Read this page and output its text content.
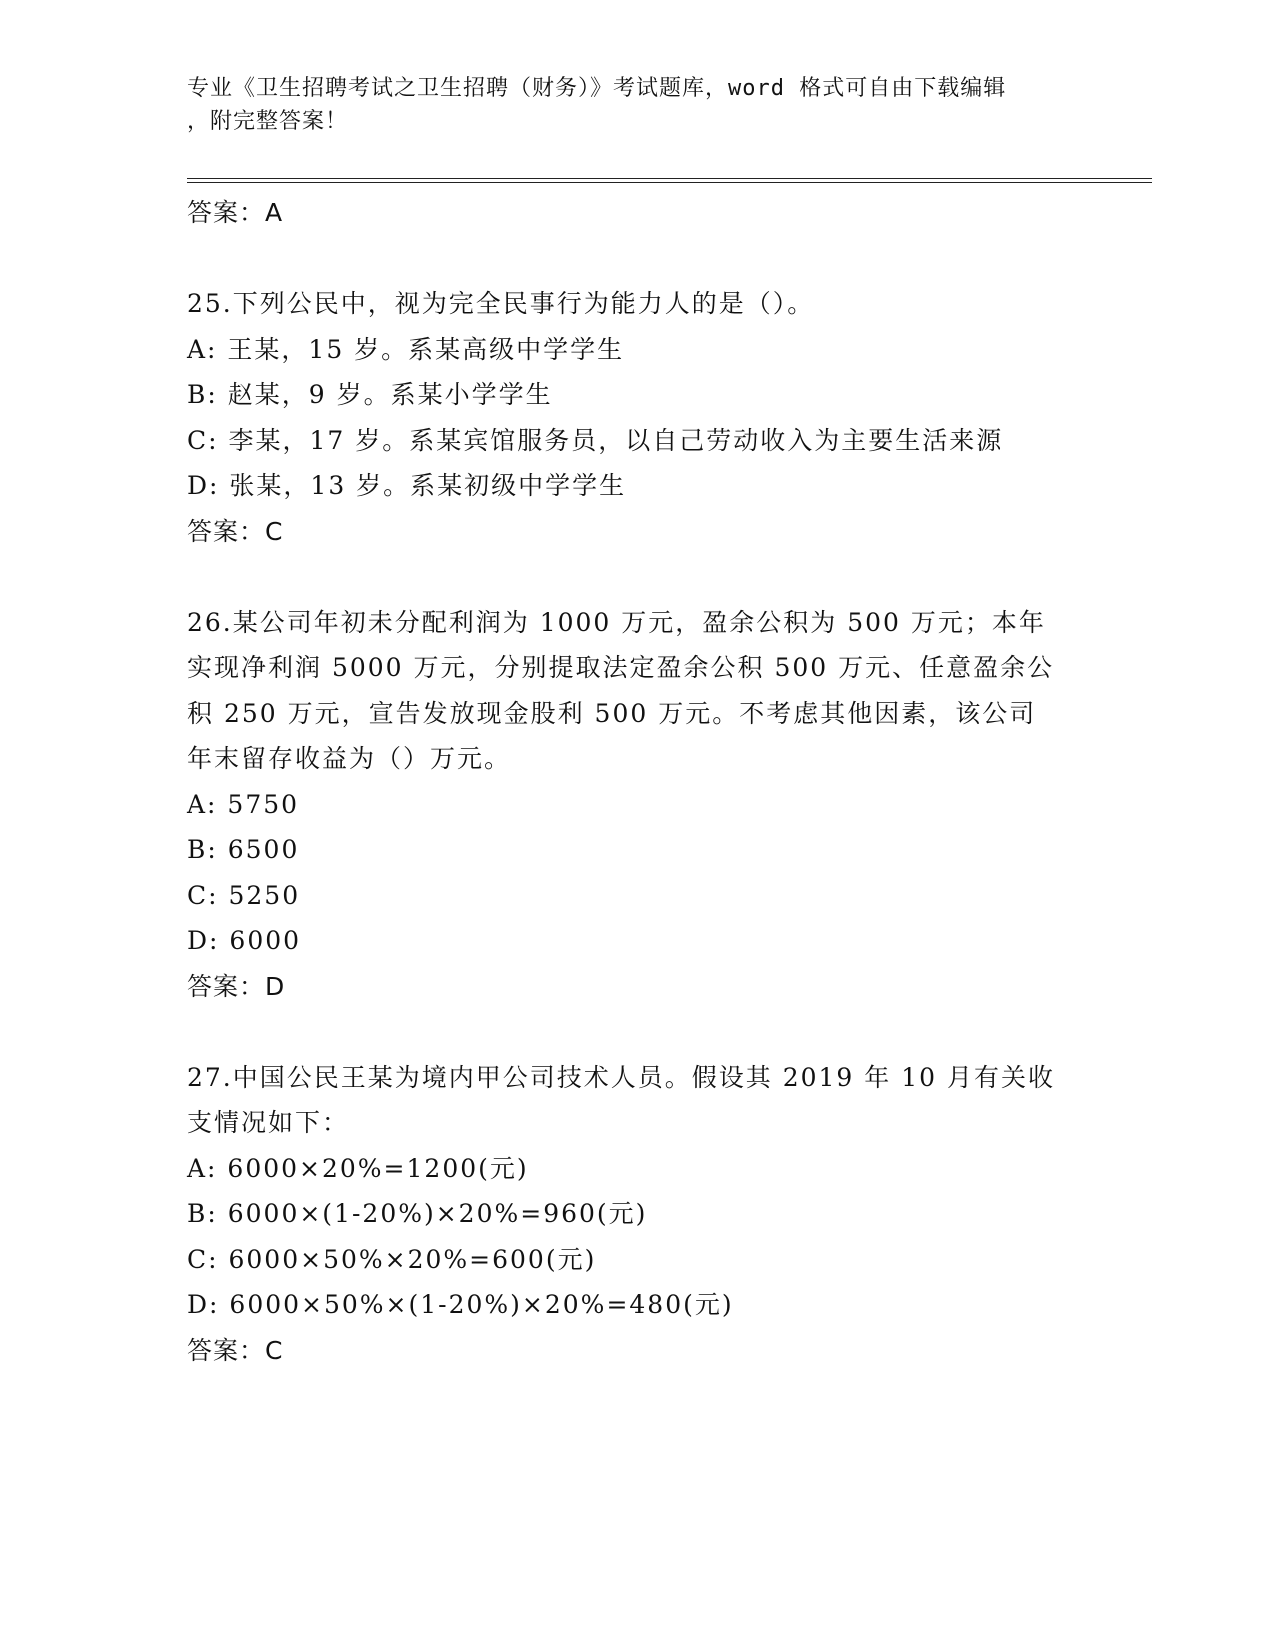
专业《卫生招聘考试之卫生招聘（财务）》考试题库，word 格式可自由下载编辑
，附完整答案！
答案：A
25.下列公民中，视为完全民事行为能力人的是（）。
A: 王某，15 岁。系某高级中学学生
B: 赵某，9 岁。系某小学学生
C: 李某，17 岁。系某宾馆服务员，以自己劳动收入为主要生活来源
D: 张某，13 岁。系某初级中学学生
答案：C
26.某公司年初未分配利润为 1000 万元，盈余公积为 500 万元；本年
实现净利润 5000 万元，分别提取法定盈余公积 500 万元、任意盈余公
积 250 万元，宣告发放现金股利 500 万元。不考虑其他因素，该公司
年末留存收益为（）万元。
A: 5750
B: 6500
C: 5250
D: 6000
答案：D
27.中国公民王某为境内甲公司技术人员。假设其 2019 年 10 月有关收
支情况如下：
A: 6000×20%=1200(元)
B: 6000×(1-20%)×20%=960(元)
C: 6000×50%×20%=600(元)
D: 6000×50%×(1-20%)×20%=480(元)
答案：C
